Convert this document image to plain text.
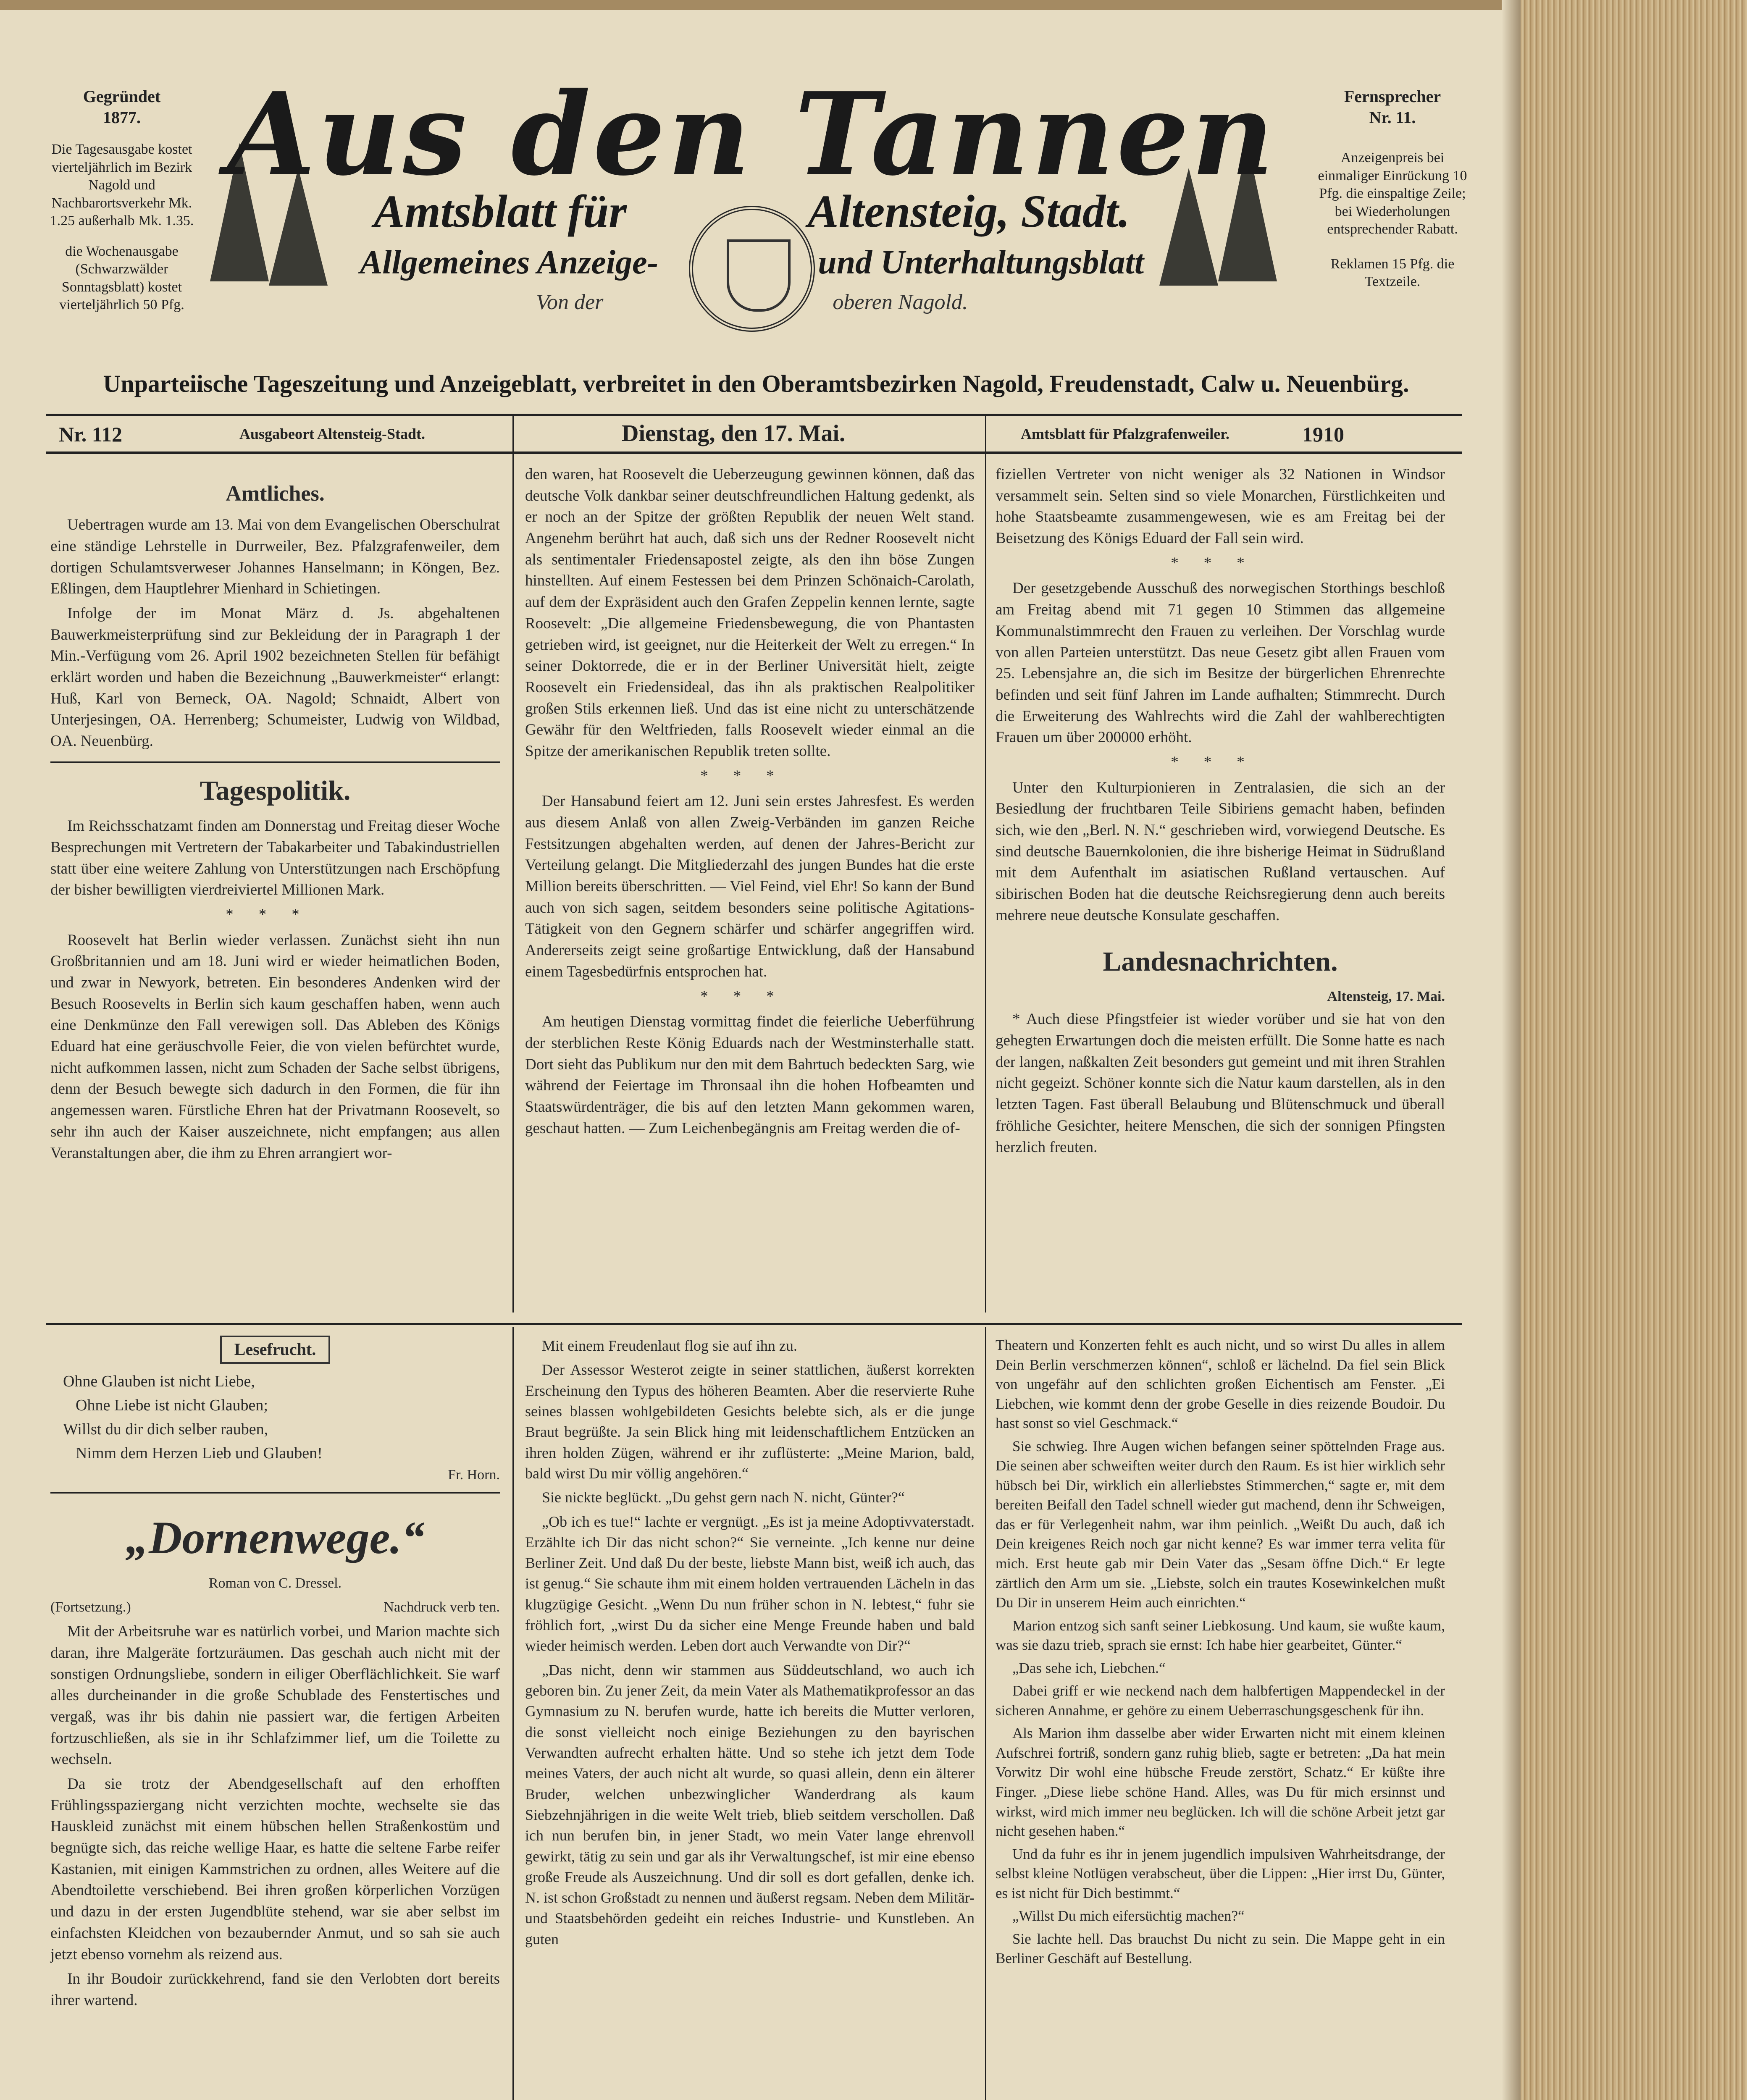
Gegründet
1877.
Die Tagesausgabe kostet vierteljährlich im Bezirk Nagold und Nachbarortsverkehr Mk. 1.25 außerhalb Mk. 1.35.
die Wochenausgabe (Schwarzwälder Sonntagsblatt) kostet vierteljährlich 50 Pfg.
Fernsprecher
Nr. 11.
Anzeigenpreis bei einmaliger Einrückung 10 Pfg. die einspaltige Zeile; bei Wiederholungen entsprechender Rabatt.
Reklamen 15 Pfg. die Textzeile.
Aus den Tannen
Amtsblatt für	Altensteig, Stadt.
Allgemeines Anzeige-	und Unterhaltungsblatt
Von der	oberen Nagold.
Unparteiische Tageszeitung und Anzeigeblatt, verbreitet in den Oberamtsbezirken Nagold, Freudenstadt, Calw u. Neuenbürg.
Nr. 112	Ausgabeort Altensteig-Stadt.	Dienstag, den 17. Mai.	Amtsblatt für Pfalzgrafenweiler.	1910
Amtliches.

Uebertragen wurde am 13. Mai von dem Evangelischen Oberschulrat eine ständige Lehrstelle in Durrweiler, Bez. Pfalzgrafenweiler, dem dortigen Schulamtsverweser Johannes Hanselmann; in Köngen, Bez. Eßlingen, dem Hauptlehrer Mienhard in Schietingen.

Infolge der im Monat März d. Js. abgehaltenen Bauwerkmeisterprüfung sind zur Bekleidung der in Paragraph 1 der Min.-Verfügung vom 26. April 1902 bezeichneten Stellen für befähigt erklärt worden und haben die Bezeichnung „Bauwerkmeister“ erlangt: Huß, Karl von Berneck, OA. Nagold; Schnaidt, Albert von Unterjesingen, OA. Herrenberg; Schumeister, Ludwig von Wildbad, OA. Neuenbürg.

Tagespolitik.

Im Reichsschatzamt finden am Donnerstag und Freitag dieser Woche Besprechungen mit Vertretern der Tabakarbeiter und Tabakindustriellen statt über eine weitere Zahlung von Unterstützungen nach Erschöpfung der bisher bewilligten vierdreiviertel Millionen Mark.

***

Roosevelt hat Berlin wieder verlassen. Zunächst sieht ihn nun Großbritannien und am 18. Juni wird er wieder heimatlichen Boden, und zwar in Newyork, betreten. Ein besonderes Andenken wird der Besuch Roosevelts in Berlin sich kaum geschaffen haben, wenn auch eine Denkmünze den Fall verewigen soll. Das Ableben des Königs Eduard hat eine geräuschvolle Feier, die von vielen befürchtet wurde, nicht aufkommen lassen, nicht zum Schaden der Sache selbst übrigens, denn der Besuch bewegte sich dadurch in den Formen, die für ihn angemessen waren. Fürstliche Ehren hat der Privatmann Roosevelt, so sehr ihn auch der Kaiser auszeichnete, nicht empfangen; aus allen Veranstaltungen aber, die ihm zu Ehren arrangiert wor-

den waren, hat Roosevelt die Ueberzeugung gewinnen können, daß das deutsche Volk dankbar seiner deutschfreundlichen Haltung gedenkt, als er noch an der Spitze der größten Republik der neuen Welt stand. Angenehm berührt hat auch, daß sich uns der Redner Roosevelt nicht als sentimentaler Friedensapostel zeigte, als den ihn böse Zungen hinstellten. Auf einem Festessen bei dem Prinzen Schönaich-Carolath, auf dem der Expräsident auch den Grafen Zeppelin kennen lernte, sagte Roosevelt: „Die allgemeine Friedensbewegung, die von Phantasten getrieben wird, ist geeignet, nur die Heiterkeit der Welt zu erregen.“ In seiner Doktorrede, die er in der Berliner Universität hielt, zeigte Roosevelt ein Friedensideal, das ihn als praktischen Realpolitiker großen Stils erkennen ließ. Und das ist eine nicht zu unterschätzende Gewähr für den Weltfrieden, falls Roosevelt wieder einmal an die Spitze der amerikanischen Republik treten sollte.

***

Der Hansabund feiert am 12. Juni sein erstes Jahresfest. Es werden aus diesem Anlaß von allen Zweig-Verbänden im ganzen Reiche Festsitzungen abgehalten werden, auf denen der Jahres-Bericht zur Verteilung gelangt. Die Mitgliederzahl des jungen Bundes hat die erste Million bereits überschritten. — Viel Feind, viel Ehr! So kann der Bund auch von sich sagen, seitdem besonders seine politische Agitations-Tätigkeit von den Gegnern schärfer und schärfer angegriffen wird. Andererseits zeigt seine großartige Entwicklung, daß der Hansabund einem Tagesbedürfnis entsprochen hat.

***

Am heutigen Dienstag vormittag findet die feierliche Ueberführung der sterblichen Reste König Eduards nach der Westminsterhalle statt. Dort sieht das Publikum nur den mit dem Bahrtuch bedeckten Sarg, wie während der Feiertage im Thronsaal ihn die hohen Hofbeamten und Staatswürdenträger, die bis auf den letzten Mann gekommen waren, geschaut hatten. — Zum Leichenbegängnis am Freitag werden die of-

fiziellen Vertreter von nicht weniger als 32 Nationen in Windsor versammelt sein. Selten sind so viele Monarchen, Fürstlichkeiten und hohe Staatsbeamte zusammengewesen, wie es am Freitag bei der Beisetzung des Königs Eduard der Fall sein wird.

***

Der gesetzgebende Ausschuß des norwegischen Storthings beschloß am Freitag abend mit 71 gegen 10 Stimmen das allgemeine Kommunalstimmrecht den Frauen zu verleihen. Der Vorschlag wurde von allen Parteien unterstützt. Das neue Gesetz gibt allen Frauen vom 25. Lebensjahre an, die sich im Besitze der bürgerlichen Ehrenrechte befinden und seit fünf Jahren im Lande aufhalten; Stimmrecht. Durch die Erweiterung des Wahlrechts wird die Zahl der wahlberechtigten Frauen um über 200000 erhöht.

***

Unter den Kulturpionieren in Zentralasien, die sich an der Besiedlung der fruchtbaren Teile Sibiriens gemacht haben, befinden sich, wie den „Berl. N. N.“ geschrieben wird, vorwiegend Deutsche. Es sind deutsche Bauernkolonien, die ihre bisherige Heimat in Südrußland mit dem Aufenthalt im asiatischen Rußland vertauschen. Auf sibirischen Boden hat die deutsche Reichsregierung denn auch bereits mehrere neue deutsche Konsulate geschaffen.

Landesnachrichten.
Altensteig, 17. Mai.

* Auch diese Pfingstfeier ist wieder vorüber und sie hat von den gehegten Erwartungen doch die meisten erfüllt. Die Sonne hatte es nach der langen, naßkalten Zeit besonders gut gemeint und mit ihren Strahlen nicht gegeizt. Schöner konnte sich die Natur kaum darstellen, als in den letzten Tagen. Fast überall Belaubung und Blütenschmuck und überall fröhliche Gesichter, heitere Menschen, die sich der sonnigen Pfingsten herzlich freuten.

Lesefrucht.
Ohne Glauben ist nicht Liebe,
Ohne Liebe ist nicht Glauben;
Willst du dir dich selber rauben,
Nimm dem Herzen Lieb und Glauben!
Fr. Horn.
„Dornenwege.“
Roman von C. Dressel.
(Fortsetzung.)	Nachdruck verb ten.

Mit der Arbeitsruhe war es natürlich vorbei, und Marion machte sich daran, ihre Malgeräte fortzuräumen. Das geschah auch nicht mit der sonstigen Ordnungsliebe, sondern in eiliger Oberflächlichkeit. Sie warf alles durcheinander in die große Schublade des Fenstertisches und vergaß, was ihr bis dahin nie passiert war, die fertigen Arbeiten fortzuschließen, als sie in ihr Schlafzimmer lief, um die Toilette zu wechseln.

Da sie trotz der Abendgesellschaft auf den erhofften Frühlingsspaziergang nicht verzichten mochte, wechselte sie das Hauskleid zunächst mit einem hübschen hellen Straßenkostüm und begnügte sich, das reiche wellige Haar, es hatte die seltene Farbe reifer Kastanien, mit einigen Kammstrichen zu ordnen, alles Weitere auf die Abendtoilette verschiebend. Bei ihren großen körperlichen Vorzügen und dazu in der ersten Jugendblüte stehend, war sie aber selbst im einfachsten Kleidchen von bezaubernder Anmut, und so sah sie auch jetzt ebenso vornehm als reizend aus.

In ihr Boudoir zurückkehrend, fand sie den Verlobten dort bereits ihrer wartend.

Mit einem Freudenlaut flog sie auf ihn zu.

Der Assessor Westerot zeigte in seiner stattlichen, äußerst korrekten Erscheinung den Typus des höheren Beamten. Aber die reservierte Ruhe seines blassen wohlgebildeten Gesichts belebte sich, als er die junge Braut begrüßte. Ja sein Blick hing mit leidenschaftlichem Entzücken an ihren holden Zügen, während er ihr zuflüsterte: „Meine Marion, bald, bald wirst Du mir völlig angehören.“

Sie nickte beglückt. „Du gehst gern nach N. nicht, Günter?“

„Ob ich es tue!“ lachte er vergnügt. „Es ist ja meine Adoptivvaterstadt. Erzählte ich Dir das nicht schon?“ Sie verneinte. „Ich kenne nur deine Berliner Zeit. Und daß Du der beste, liebste Mann bist, weiß ich auch, das ist genug.“ Sie schaute ihm mit einem holden vertrauenden Lächeln in das klugzügige Gesicht. „Wenn Du nun früher schon in N. lebtest,“ fuhr sie fröhlich fort, „wirst Du da sicher eine Menge Freunde haben und bald wieder heimisch werden. Leben dort auch Verwandte von Dir?“

„Das nicht, denn wir stammen aus Süddeutschland, wo auch ich geboren bin. Zu jener Zeit, da mein Vater als Mathematikprofessor an das Gymnasium zu N. berufen wurde, hatte ich bereits die Mutter verloren, die sonst vielleicht noch einige Beziehungen zu den bayrischen Verwandten aufrecht erhalten hätte. Und so stehe ich jetzt dem Tode meines Vaters, der auch nicht alt wurde, so quasi allein, denn ein älterer Bruder, welchen unbezwinglicher Wanderdrang als kaum Siebzehnjährigen in die weite Welt trieb, blieb seitdem verschollen. Daß ich nun berufen bin, in jener Stadt, wo mein Vater lange ehrenvoll gewirkt, tätig zu sein und gar als ihr Verwaltungschef, ist mir eine ebenso große Freude als Auszeichnung. Und dir soll es dort gefallen, denke ich. N. ist schon Großstadt zu nennen und äußerst regsam. Neben dem Militär- und Staatsbehörden gedeiht ein reiches Industrie- und Kunstleben. An guten

Theatern und Konzerten fehlt es auch nicht, und so wirst Du alles in allem Dein Berlin verschmerzen können“, schloß er lächelnd. Da fiel sein Blick von ungefähr auf den schlichten großen Eichentisch am Fenster. „Ei Liebchen, wie kommt denn der grobe Geselle in dies reizende Boudoir. Du hast sonst so viel Geschmack.“

Sie schwieg. Ihre Augen wichen befangen seiner spöttelnden Frage aus. Die seinen aber schweiften weiter durch den Raum. Es ist hier wirklich sehr hübsch bei Dir, wirklich ein allerliebstes Stimmerchen,“ sagte er, mit dem bereiten Beifall den Tadel schnell wieder gut machend, denn ihr Schweigen, das er für Verlegenheit nahm, war ihm peinlich. „Weißt Du auch, daß ich Dein kreigenes Reich noch gar nicht kenne? Es war immer terra velita für mich. Erst heute gab mir Dein Vater das „Sesam öffne Dich.“ Er legte zärtlich den Arm um sie. „Liebste, solch ein trautes Kosewinkelchen mußt Du Dir in unserem Heim auch einrichten.“

Marion entzog sich sanft seiner Liebkosung. Und kaum, sie wußte kaum, was sie dazu trieb, sprach sie ernst: Ich habe hier gearbeitet, Günter.“

„Das sehe ich, Liebchen.“

Dabei griff er wie neckend nach dem halbfertigen Mappendeckel in der sicheren Annahme, er gehöre zu einem Ueberraschungsgeschenk für ihn.

Als Marion ihm dasselbe aber wider Erwarten nicht mit einem kleinen Aufschrei fortriß, sondern ganz ruhig blieb, sagte er betreten: „Da hat mein Vorwitz Dir wohl eine hübsche Freude zerstört, Schatz.“ Er küßte ihre Finger. „Diese liebe schöne Hand. Alles, was Du für mich ersinnst und wirkst, wird mich immer neu beglücken. Ich will die schöne Arbeit jetzt gar nicht gesehen haben.“

Und da fuhr es ihr in jenem jugendlich impulsiven Wahrheitsdrange, der selbst kleine Notlügen verabscheut, über die Lippen: „Hier irrst Du, Günter, es ist nicht für Dich bestimmt.“

„Willst Du mich eifersüchtig machen?“

Sie lachte hell. Das brauchst Du nicht zu sein. Die Mappe geht in ein Berliner Geschäft auf Bestellung.
